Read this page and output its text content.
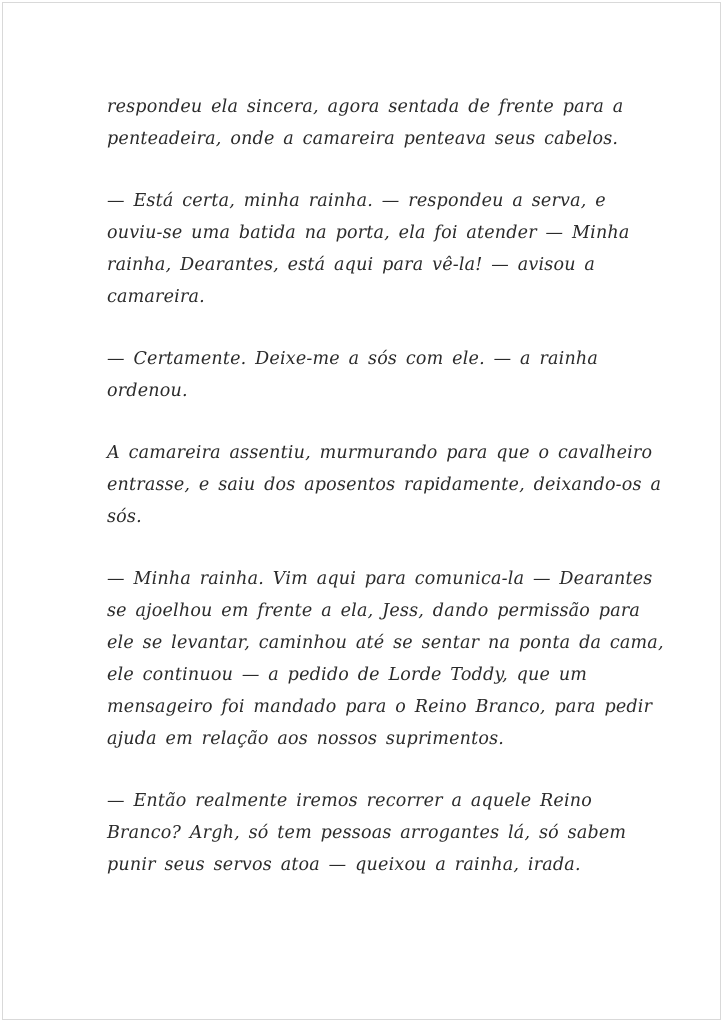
respondeu ela sincera, agora sentada de frente para a
penteadeira, onde a camareira penteava seus cabelos.

— Está certa, minha rainha. — respondeu a serva, e
ouviu-se uma batida na porta, ela foi atender — Minha
rainha, Dearantes, está aqui para vê-la! — avisou a
camareira.

— Certamente. Deixe-me a sós com ele. — a rainha
ordenou.

A camareira assentiu, murmurando para que o cavalheiro
entrasse, e saiu dos aposentos rapidamente, deixando-os a
sós.

— Minha rainha. Vim aqui para comunica-la — Dearantes
se ajoelhou em frente a ela, Jess, dando permissão para
ele se levantar, caminhou até se sentar na ponta da cama,
ele continuou — a pedido de Lorde Toddy, que um
mensageiro foi mandado para o Reino Branco, para pedir
ajuda em relação aos nossos suprimentos.

— Então realmente iremos recorrer a aquele Reino
Branco? Argh, só tem pessoas arrogantes lá, só sabem
punir seus servos atoa — queixou a rainha, irada.
